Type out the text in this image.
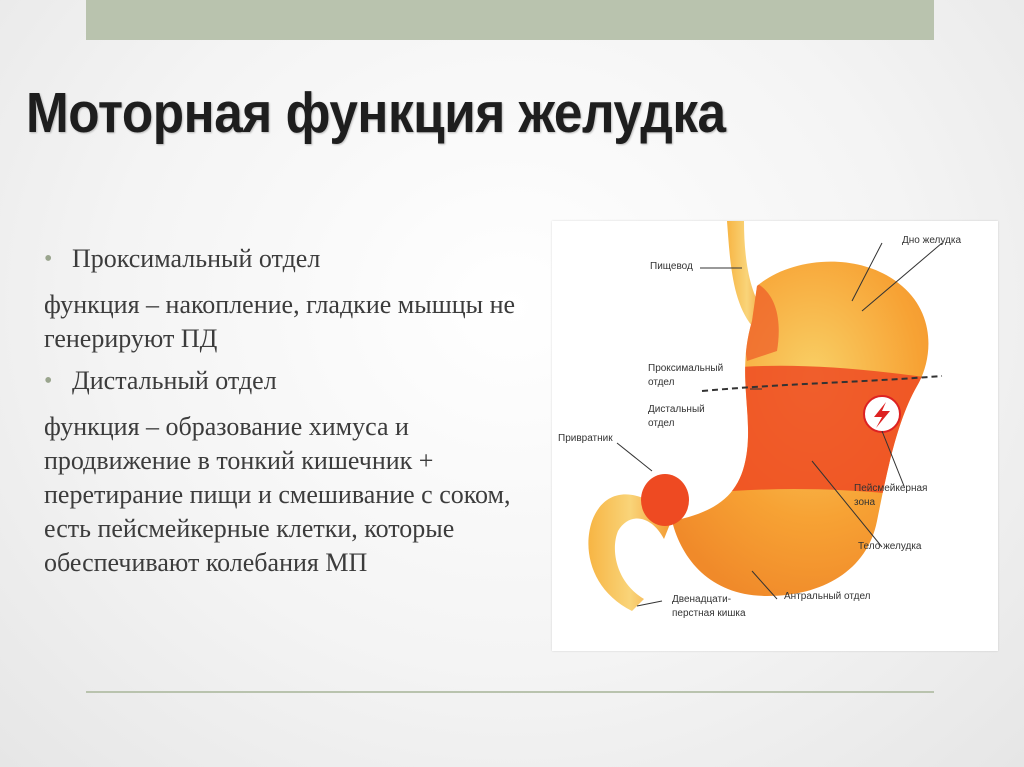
Моторная функция желудка
• Проксимальный отдел
функция – накопление, гладкие мышцы не генерируют ПД
• Дистальный отдел
функция – образование химуса и продвижение в тонкий кишечник + перетирание пищи и смешивание с соком, есть пейсмейкерные клетки, которые обеспечивают колебания МП
Пищевод
Дно желудка
Проксимальный
отдел
Дистальный
отдел
Привратник
Пейсмейкерная
зона
Тело желудка
Антральный отдел
Двенадцати-
перстная кишка
